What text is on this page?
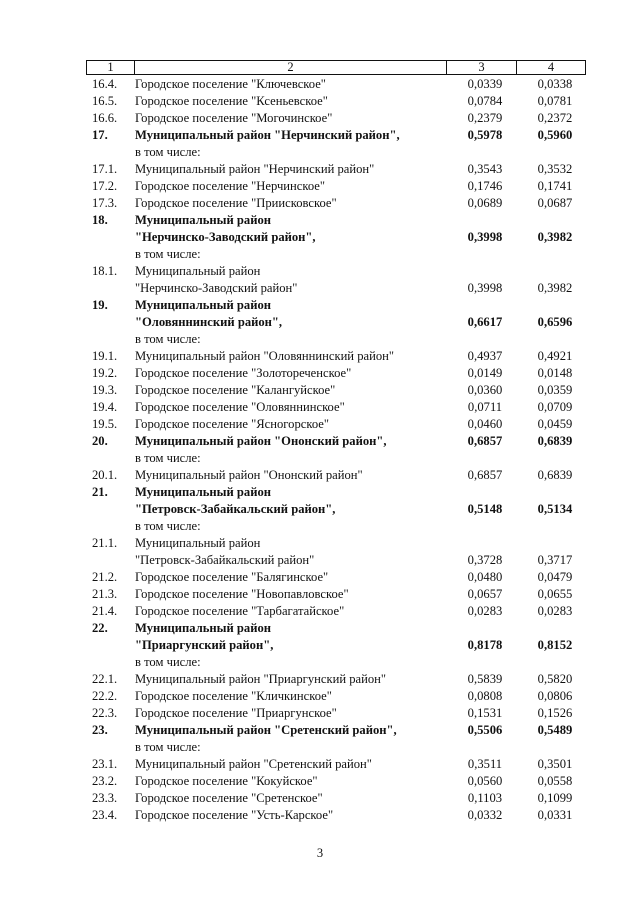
1	2	3	4
16.4.	Городское поселение "Ключевское"	0,0339	0,0338
16.5.	Городское поселение "Ксеньевское"	0,0784	0,0781
16.6.	Городское поселение "Могочинское"	0,2379	0,2372
17.	Муниципальный район "Нерчинский район",	0,5978	0,5960
в том числе:
17.1.	Муниципальный район "Нерчинский район"	0,3543	0,3532
17.2.	Городское поселение "Нерчинское"	0,1746	0,1741
17.3.	Городское поселение "Приисковское"	0,0689	0,0687
18.	Муниципальный район
"Нерчинско-Заводский район",	0,3998	0,3982
в том числе:
18.1.	Муниципальный район
"Нерчинско-Заводский район"	0,3998	0,3982
19.	Муниципальный район
"Оловяннинский район",	0,6617	0,6596
в том числе:
19.1.	Муниципальный район "Оловяннинский район"	0,4937	0,4921
19.2.	Городское поселение "Золотореченское"	0,0149	0,0148
19.3.	Городское поселение "Калангуйское"	0,0360	0,0359
19.4.	Городское поселение "Оловяннинское"	0,0711	0,0709
19.5.	Городское поселение "Ясногорское"	0,0460	0,0459
20.	Муниципальный район "Ононский район",	0,6857	0,6839
в том числе:
20.1.	Муниципальный район "Ононский район"	0,6857	0,6839
21.	Муниципальный район
"Петровск-Забайкальский район",	0,5148	0,5134
в том числе:
21.1.	Муниципальный район
"Петровск-Забайкальский район"	0,3728	0,3717
21.2.	Городское поселение "Балягинское"	0,0480	0,0479
21.3.	Городское поселение "Новопавловское"	0,0657	0,0655
21.4.	Городское поселение "Тарбагатайское"	0,0283	0,0283
22.	Муниципальный район
"Приаргунский район",	0,8178	0,8152
в том числе:
22.1.	Муниципальный район "Приаргунский район"	0,5839	0,5820
22.2.	Городское поселение "Кличкинское"	0,0808	0,0806
22.3.	Городское поселение "Приаргунское"	0,1531	0,1526
23.	Муниципальный район "Сретенский район",	0,5506	0,5489
в том числе:
23.1.	Муниципальный район "Сретенский район"	0,3511	0,3501
23.2.	Городское поселение "Кокуйское"	0,0560	0,0558
23.3.	Городское поселение "Сретенское"	0,1103	0,1099
23.4.	Городское поселение "Усть-Карское"	0,0332	0,0331
3
